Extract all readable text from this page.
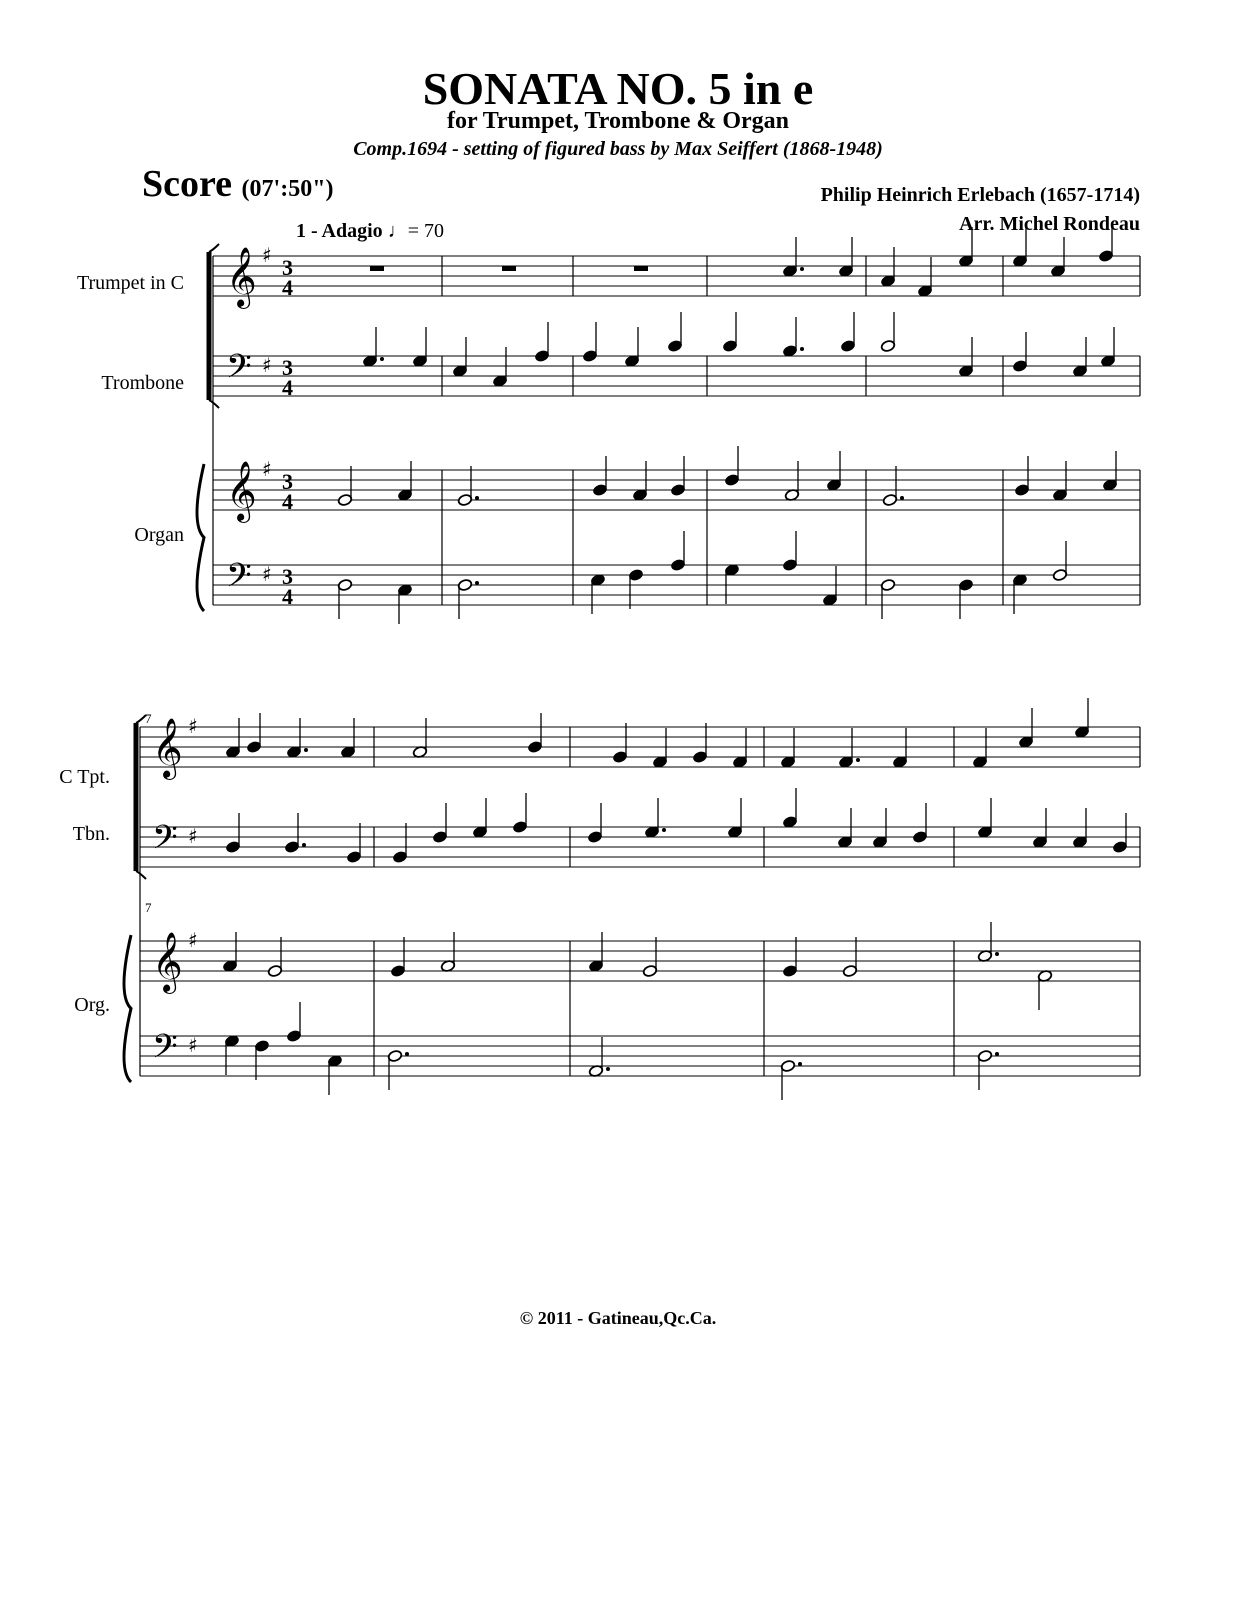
SONATA NO. 5 in e
for Trumpet, Trombone & Organ
Comp.1694 - setting of figured bass by Max Seiffert (1868-1948)
Score (07':50")	Philip Heinrich Erlebach (1657-1714)
Arr. Michel Rondeau
1 - Adagio ♩= 70
Trumpet in C
Trombone
Organ
C Tpt.
Tbn.
Org.
7
7
𝄞
𝄢
𝄞
𝄢
𝄞
𝄢
𝄞
𝄢
♯
♯
♯
♯
♯
♯
♯
♯
3
4
3
4
3
4
3
4
© 2011 - Gatineau,Qc.Ca.
